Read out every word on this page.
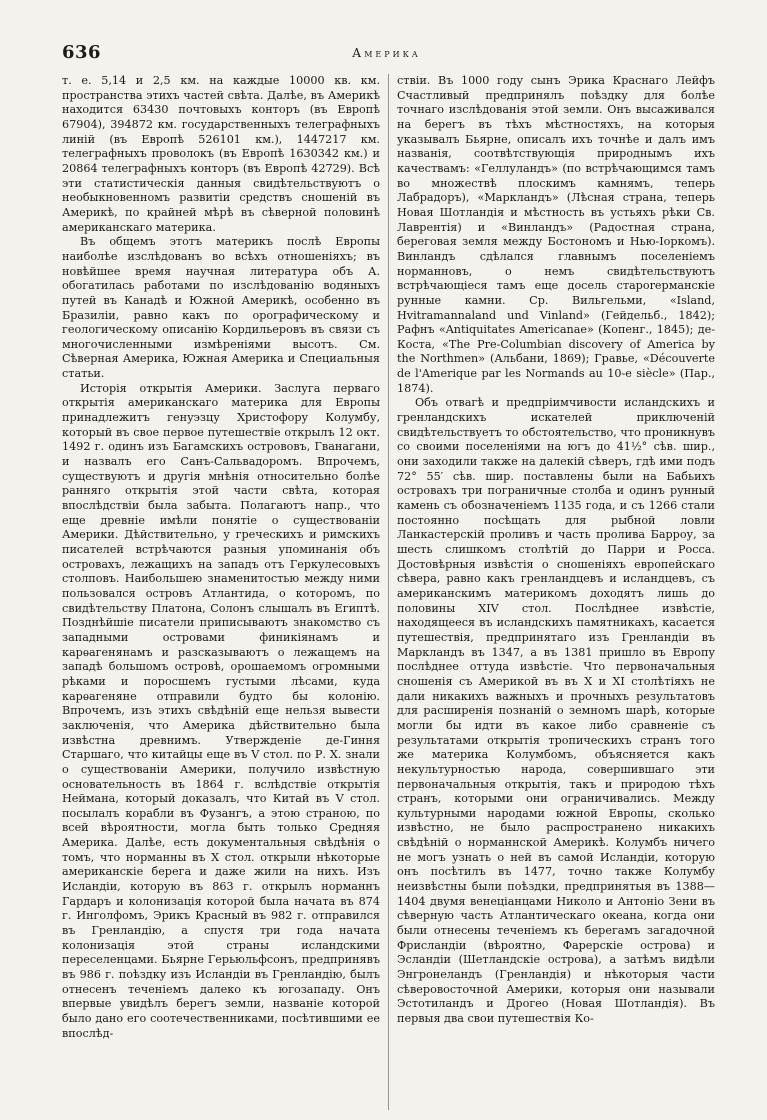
636	Америка

т. е. 5,14 и 2,5 км. на каждые 10000 кв. км. пространства этихъ частей свѣта. Далѣе, въ Америкѣ находится 63430 почтовыхъ конторъ (въ Европѣ 67904), 394872 км. государственныхъ телеграфныхъ линій (въ Европѣ 526101 км.), 1447217 км. телеграфныхъ проволокъ (въ Европѣ 1630342 км.) и 20864 телеграфныхъ конторъ (въ Европѣ 42729). Всѣ эти статистическія данныя свидѣтельствуютъ о необыкновенномъ развитіи средствъ сношеній въ Америкѣ, по крайней мѣрѣ въ сѣверной половинѣ американскаго материка.

Въ общемъ этотъ материкъ послѣ Европы наиболѣе изслѣдованъ во всѣхъ отношеніяхъ; въ новѣйшее время научная литература объ А. обогатилась работами по изслѣдованію водяныхъ путей въ Канадѣ и Южной Америкѣ, особенно въ Бразиліи, равно какъ по орографическому и геологическому описанію Кордильеровъ въ связи съ многочисленными измѣреніями высотъ. См. Сѣверная Америка, Южная Америка и Специальныя статьи.

Исторія открытія Америки. Заслуга перваго открытія американскаго материка для Европы принадлежитъ генуэзцу Христофору Колумбу, который въ свое первое путешествіе открылъ 12 окт. 1492 г. одинъ изъ Багамскихъ острововъ, Гванагани, и назвалъ его Санъ-Сальвадоромъ. Впрочемъ, существуютъ и другія мнѣнія относительно болѣе ранняго открытія этой части свѣта, которая впослѣдствіи была забыта. Полагаютъ напр., что еще древніе имѣли понятіе о существованіи Америки. Дѣйствительно, у греческихъ и римскихъ писателей встрѣчаются разныя упоминанія объ островахъ, лежащихъ на западъ отъ Геркулесовыхъ столповъ. Наибольшею знаменитостью между ними пользовался островъ Атлантида, о которомъ, по свидѣтельству Платона, Солонъ слышалъ въ Египтѣ. Позднѣйшіе писатели приписываютъ знакомство съ западными островами финикіянамъ и карѳагенянамъ и разсказываютъ о лежащемъ на западѣ большомъ островѣ, орошаемомъ огромными рѣками и поросшемъ густыми лѣсами, куда карѳагеняне отправили будто бы колонію. Впрочемъ, изъ этихъ свѣдѣній еще нельзя вывести заключенія, что Америка дѣйствительно была извѣстна древнимъ. Утвержденіе де-Гиння Старшаго, что китайцы еще въ V стол. по Р. Х. знали о существованіи Америки, получило извѣстную основательность въ 1864 г. вслѣдствіе открытія Неймана, который доказалъ, что Китай въ V стол. посылалъ корабли въ Фузангъ, а этою страною, по всей вѣроятности, могла быть только Средняя Америка. Далѣе, есть документальныя свѣдѣнія о томъ, что норманны въ X стол. открыли нѣкоторые американскіе берега и даже жили на нихъ. Изъ Исландіи, которую въ 863 г. открылъ норманнъ Гардаръ и колонизація которой была начата въ 874 г. Инголфомъ, Эрикъ Красный въ 982 г. отправился въ Гренландію, а спустя три года начата колонизація этой страны исландскими переселенцами. Бьярне Герьюльфсонъ, предпринявъ въ 986 г. поѣздку изъ Исландіи въ Гренландію, былъ отнесенъ теченіемъ далеко къ югозападу. Онъ впервые увидѣлъ берегъ земли, названіе которой было дано его соотечественниками, посѣтившими ее впослѣд-

ствіи. Въ 1000 году сынъ Эрика Краснаго Лейфъ Счастливый предпринялъ поѣздку для болѣе точнаго изслѣдованія этой земли. Онъ высаживался на берегъ въ тѣхъ мѣстностяхъ, на которыя указывалъ Бьярне, описалъ ихъ точнѣе и далъ имъ названія, соотвѣтствующія природнымъ ихъ качествамъ: «Геллуландъ» (по встрѣчающимся тамъ во множествѣ плоскимъ камнямъ, теперь Лабрадоръ), «Маркландъ» (Лѣсная страна, теперь Новая Шотландія и мѣстность въ устьяхъ рѣки Св. Лаврентія) и «Винландъ» (Радостная страна, береговая земля между Бостономъ и Нью-Іоркомъ). Винландъ сдѣлался главнымъ поселеніемъ норманновъ, о немъ свидѣтельствуютъ встрѣчающіеся тамъ еще досель староrерманскіе рунные камни. Ср. Вильгельми, «Island, Hvitramannaland und Vinland» (Гейдельб., 1842); Рафнъ «Antiquitates Americanae» (Копенг., 1845); де-Коста, «The Pre-Columbian discovery of America by the Northmen» (Альбани, 1869); Гравье, «Découverte de l'Amerique par les Normands au 10-e siècle» (Пар., 1874).

Объ отвагѣ и предпріимчивости исландскихъ и гренландскихъ искателей приключеній свидѣтельствуетъ то обстоятельство, что проникнувъ со своими поселеніями на югъ до 41½° сѣв. шир., они заходили также на далекій сѣверъ, гдѣ ими подъ 72° 55′ сѣв. шир. поставлены были на Бабьихъ островахъ три пограничные столба и одинъ рунный камень съ обозначеніемъ 1135 года, и съ 1266 стали постоянно посѣщать для рыбной ловли Ланкастерскій проливъ и часть пролива Барроу, за шесть слишкомъ столѣтій до Парри и Росса. Достовѣрныя извѣстія о сношеніяхъ европейскаго сѣвера, равно какъ гренландцевъ и исландцевъ, съ американскимъ материкомъ доходятъ лишь до половины XIV стол. Послѣднее извѣстіе, находящееся въ исландскихъ памятникахъ, касается путешествія, предпринятаго изъ Гренландіи въ Маркландъ въ 1347, а въ 1381 пришло въ Европу послѣднее оттуда извѣстіе. Что первоначальныя сношенія съ Америкой въ въ X и XI столѣтіяхъ не дали никакихъ важныхъ и прочныхъ результатовъ для расширенія познаній о земномъ шарѣ, которые могли бы идти въ какое либо сравненіе съ результатами открытія тропическихъ странъ того же материка Колумбомъ, объясняется какъ некультурностью народа, совершившаго эти первоначальныя открытія, такъ и природою тѣхъ странъ, которыми они ограничивались. Между культурными народами южной Европы, сколько извѣстно, не было распространено никакихъ свѣдѣній о норманнской Америкѣ. Колумбъ ничего не могъ узнать о ней въ самой Исландіи, которую онъ посѣтилъ въ 1477, точно также Колумбу неизвѣстны были поѣздки, предпринятыя въ 1388—1404 двумя венеціанцами Николо и Антоніо Зени въ сѣверную часть Атлантическаго океана, когда они были отнесены теченіемъ къ берегамъ загадочной Фрисландіи (вѣроятно, Фарерскіе острова) и Эсландіи (Шетландскіе острова), а затѣмъ видѣли Энгронеландъ (Гренландія) и нѣкоторыя части сѣверовосточной Америки, которыя они называли Эстотиландъ и Дрогео (Новая Шотландія). Въ первыя два свои путешествія Ко-
